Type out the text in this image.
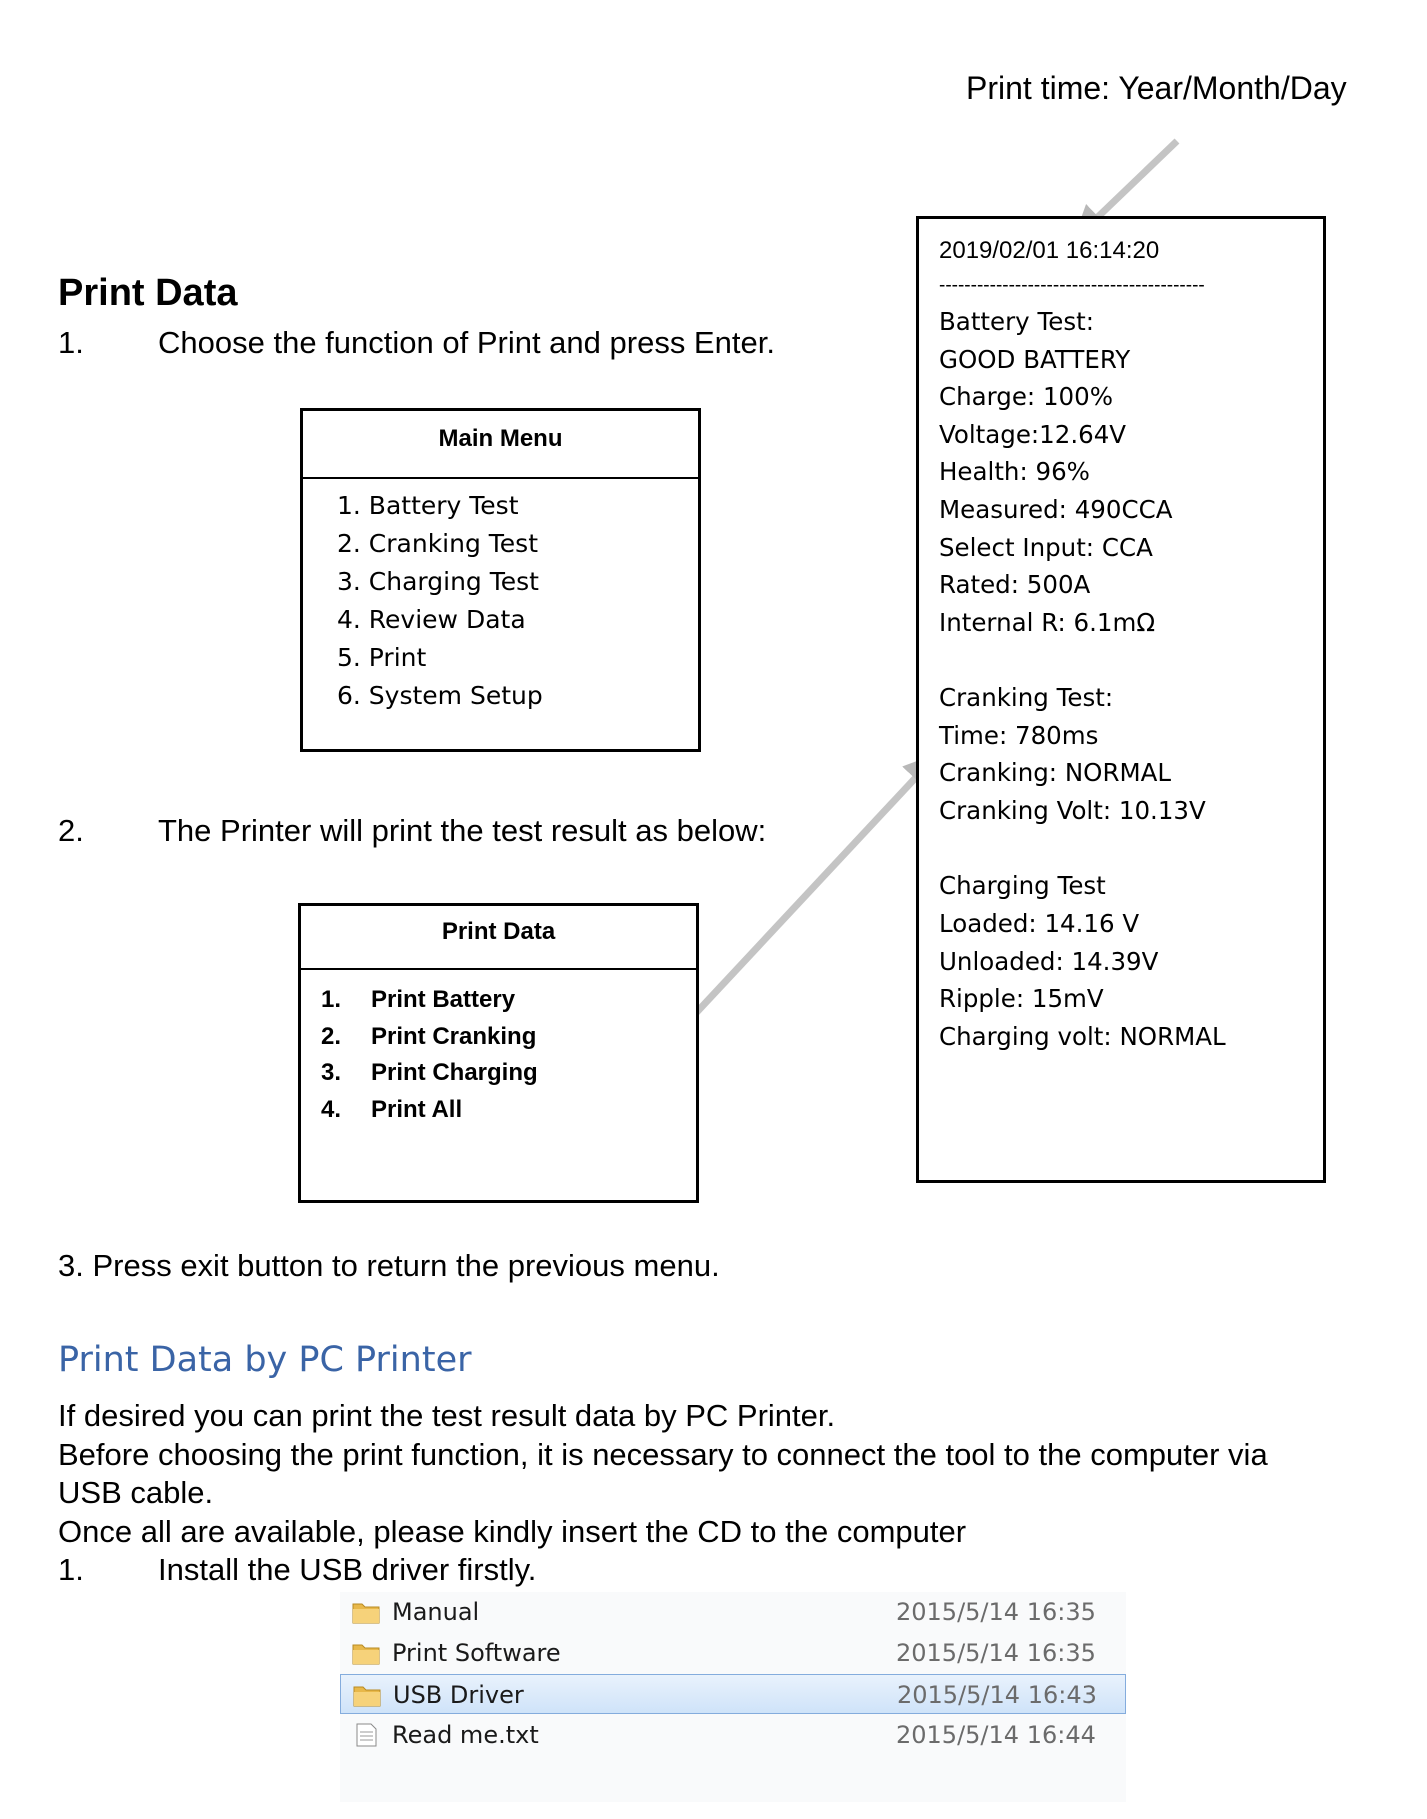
Print time: Year/Month/Day
Print Data
1. Choose the function of Print and press Enter.
Main Menu
1. Battery Test
2. Cranking Test
3. Charging Test
4. Review Data
5. Print
6. System Setup
2. The Printer will print the test result as below:
Print Data
1. Print Battery
2. Print Cranking
3. Print Charging
4. Print All
2019/02/01 16:14:20
------------------------------------------
Battery Test:
GOOD BATTERY
Charge: 100%
Voltage:12.64V
Health: 96%
Measured: 490CCA
Select Input: CCA
Rated: 500A
Internal R: 6.1mΩ
Cranking Test:
Time: 780ms
Cranking: NORMAL
Cranking Volt: 10.13V
Charging Test
Loaded: 14.16 V
Unloaded: 14.39V
Ripple: 15mV
Charging volt: NORMAL
3. Press exit button to return the previous menu.
Print Data by PC Printer
If desired you can print the test result data by PC Printer.
Before choosing the print function, it is necessary to connect the tool to the computer via
USB cable.
Once all are available, please kindly insert the CD to the computer
1. Install the USB driver firstly.
Manual	2015/5/14 16:35
Print Software	2015/5/14 16:35
USB Driver	2015/5/14 16:43
Read me.txt	2015/5/14 16:44
